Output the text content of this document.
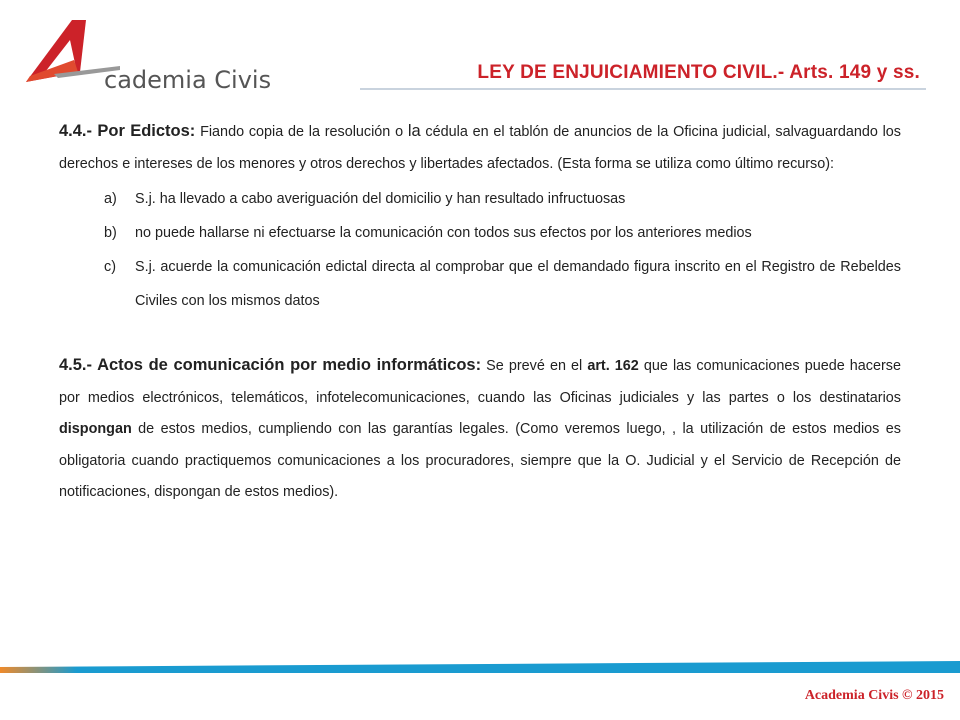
cademia Civis	LEY DE ENJUICIAMIENTO CIVIL.- Arts. 149 y ss.

4.4.- Por Edictos: Fiando copia de la resolución o la cédula en el tablón de anuncios de la Oficina judicial, salvaguardando los derechos e intereses de los menores y otros derechos y libertades afectados. (Esta forma se utiliza como último recurso):

a) S.j. ha llevado a cabo averiguación del domicilio y han resultado infructuosas
b) no puede hallarse ni efectuarse la comunicación con todos sus efectos por los anteriores medios
c) S.j. acuerde la comunicación edictal directa al comprobar que el demandado figura inscrito en el Registro de Rebeldes Civiles con los mismos datos

4.5.- Actos de comunicación por medio informáticos: Se prevé en el art. 162 que las comunicaciones puede hacerse por medios electrónicos, telemáticos, infotelecomunicaciones, cuando las Oficinas judiciales y las partes o los destinatarios dispongan de estos medios, cumpliendo con las garantías legales. (Como veremos luego, , la utilización de estos medios es obligatoria cuando practiquemos comunicaciones a los procuradores, siempre que la O. Judicial y el Servicio de Recepción de notificaciones, dispongan de estos medios).

Academia Civis © 2015
